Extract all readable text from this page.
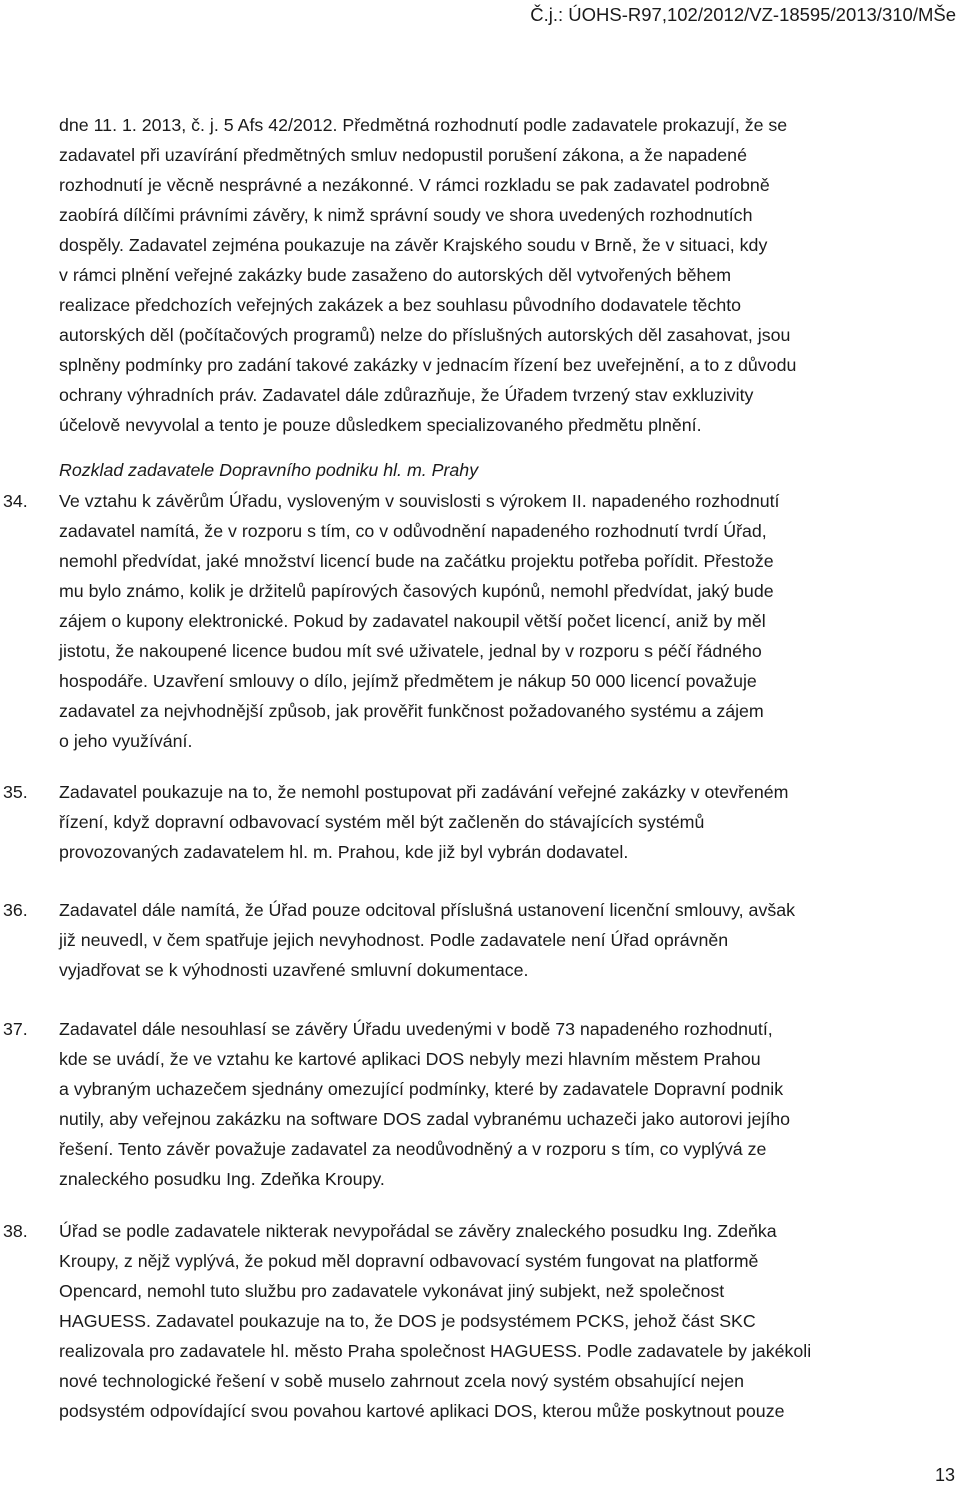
Č.j.: ÚOHS-R97,102/2012/VZ-18595/2013/310/MŠe

dne 11. 1. 2013, č. j. 5 Afs 42/2012. Předmětná rozhodnutí podle zadavatele prokazují, že se
zadavatel při uzavírání předmětných smluv nedopustil porušení zákona, a že napadené
rozhodnutí je věcně nesprávné a nezákonné. V rámci rozkladu se pak zadavatel podrobně
zaobírá dílčími právními závěry, k nimž správní soudy ve shora uvedených rozhodnutích
dospěly. Zadavatel zejména poukazuje na závěr Krajského soudu v Brně, že v situaci, kdy
v rámci plnění veřejné zakázky bude zasaženo do autorských děl vytvořených během
realizace předchozích veřejných zakázek a bez souhlasu původního dodavatele těchto
autorských děl (počítačových programů) nelze do příslušných autorských děl zasahovat, jsou
splněny podmínky pro zadání takové zakázky v jednacím řízení bez uveřejnění, a to z důvodu
ochrany výhradních práv. Zadavatel dále zdůrazňuje, že Úřadem tvrzený stav exkluzivity
účelově nevyvolal a tento je pouze důsledkem specializovaného předmětu plnění.

Rozklad zadavatele Dopravního podniku hl. m. Prahy
34.	Ve vztahu k závěrům Úřadu, vysloveným v souvislosti s výrokem II. napadeného rozhodnutí
zadavatel namítá, že v rozporu s tím, co v odůvodnění napadeného rozhodnutí tvrdí Úřad,
nemohl předvídat, jaké množství licencí bude na začátku projektu potřeba pořídit. Přestože
mu bylo známo, kolik je držitelů papírových časových kupónů, nemohl předvídat, jaký bude
zájem o kupony elektronické. Pokud by zadavatel nakoupil větší počet licencí, aniž by měl
jistotu, že nakoupené licence budou mít své uživatele, jednal by v rozporu s péčí řádného
hospodáře. Uzavření smlouvy o dílo, jejímž předmětem je nákup 50 000 licencí považuje
zadavatel za nejvhodnější způsob, jak prověřit funkčnost požadovaného systému a zájem
o jeho využívání.

35.	Zadavatel poukazuje na to, že nemohl postupovat při zadávání veřejné zakázky v otevřeném
řízení, když dopravní odbavovací systém měl být začleněn do stávajících systémů
provozovaných zadavatelem hl. m. Prahou, kde již byl vybrán dodavatel.

36.	Zadavatel dále namítá, že Úřad pouze odcitoval příslušná ustanovení licenční smlouvy, avšak
již neuvedl, v čem spatřuje jejich nevyhodnost. Podle zadavatele není Úřad oprávněn
vyjadřovat se k výhodnosti uzavřené smluvní dokumentace.

37.	Zadavatel dále nesouhlasí se závěry Úřadu uvedenými v bodě 73 napadeného rozhodnutí,
kde se uvádí, že ve vztahu ke kartové aplikaci DOS nebyly mezi hlavním městem Prahou
a vybraným uchazečem sjednány omezující podmínky, které by zadavatele Dopravní podnik
nutily, aby veřejnou zakázku na software DOS zadal vybranému uchazeči jako autorovi jejího
řešení. Tento závěr považuje zadavatel za neodůvodněný a v rozporu s tím, co vyplývá ze
znaleckého posudku Ing. Zdeňka Kroupy.

38.	Úřad se podle zadavatele nikterak nevypořádal se závěry znaleckého posudku Ing. Zdeňka
Kroupy, z nějž vyplývá, že pokud měl dopravní odbavovací systém fungovat na platformě
Opencard, nemohl tuto službu pro zadavatele vykonávat jiný subjekt, než společnost
HAGUESS. Zadavatel poukazuje na to, že DOS je podsystémem PCKS, jehož část SKC
realizovala pro zadavatele hl. město Praha společnost HAGUESS. Podle zadavatele by jakékoli
nové technologické řešení v sobě muselo zahrnout zcela nový systém obsahující nejen
podsystém odpovídající svou povahou kartové aplikaci DOS, kterou může poskytnout pouze

13
